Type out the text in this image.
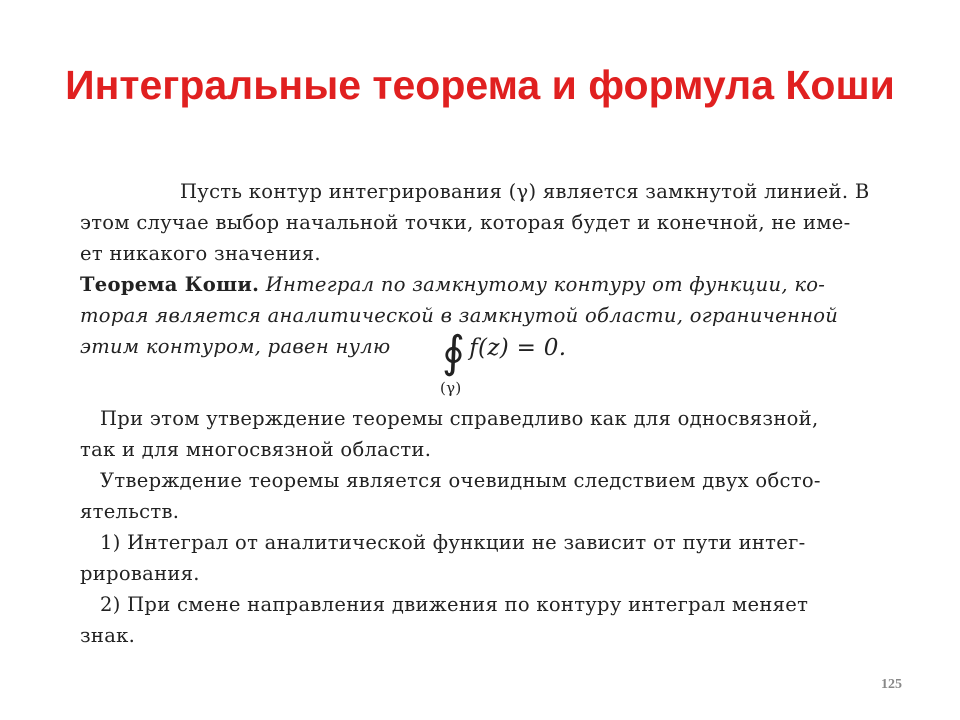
Интегральные теорема и формула Коши
Пусть контур интегрирования (γ) является замкнутой линией. В
этом случае выбор начальной точки, которая будет и конечной, не име-
ет никакого значения.
Теорема Коши. Интеграл по замкнутому контуру от функции, ко-
торая является аналитической в замкнутой области, ограниченной
этим контуром, равен нулю ∮ f(z) = 0.
(γ)
При этом утверждение теоремы справедливо как для односвязной,
так и для многосвязной области.
Утверждение теоремы является очевидным следствием двух обсто-
ятельств.
1) Интеграл от аналитической функции не зависит от пути интег-
рирования.
2) При смене направления движения по контуру интеграл меняет
знак.
125
